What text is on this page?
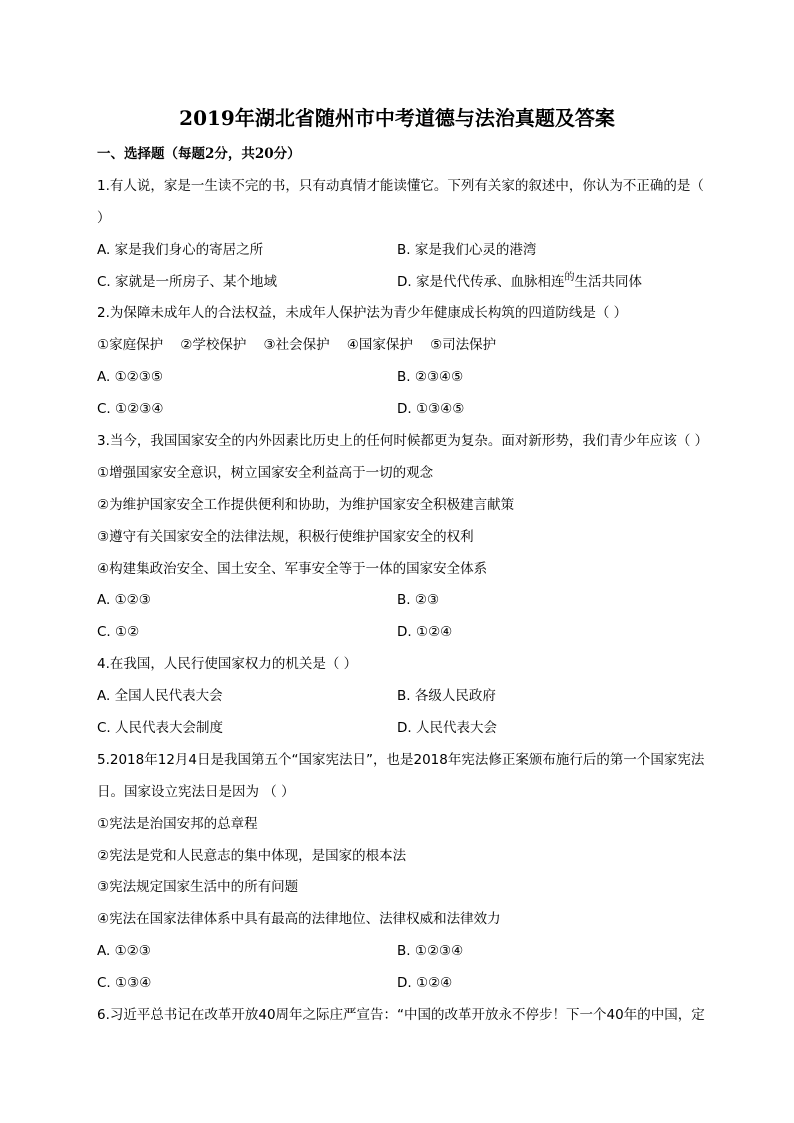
2019年湖北省随州市中考道德与法治真题及答案
一、选择题（每题2分，共20分）
1.有人说，家是一生读不完的书，只有动真情才能读懂它。下列有关家的叙述中，你认为不正确的是（
）
A. 家是我们身心的寄居之所	B. 家是我们心灵的港湾
C. 家就是一所房子、某个地域	D. 家是代代传承、血脉相连$^的$生活共同体
2.为保障未成年人的合法权益，未成年人保护法为青少年健康成长构筑的四道防线是（ ）
①家庭保护    ②学校保护    ③社会保护    ④国家保护    ⑤司法保护
A. ①②③⑤	B. ②③④⑤
C. ①②③④	D. ①③④⑤
3.当今，我国国家安全的内外因素比历史上的任何时候都更为复杂。面对新形势，我们青少年应该（ ）
①增强国家安全意识，树立国家安全利益高于一切的观念
②为维护国家安全工作提供便利和协助，为维护国家安全积极建言献策
③遵守有关国家安全的法律法规，积极行使维护国家安全的权利
④构建集政治安全、国土安全、军事安全等于一体的国家安全体系
A. ①②③	B. ②③
C. ①②	D. ①②④
4.在我国，人民行使国家权力的机关是（ ）
A. 全国人民代表大会	B. 各级人民政府
C. 人民代表大会制度	D. 人民代表大会
5.2018年12月4日是我国第五个“国家宪法日”，也是2018年宪法修正案颁布施行后的第一个国家宪法
日。国家设立宪法日是因为 （ ）
①宪法是治国安邦的总章程
②宪法是党和人民意志的集中体现，是国家的根本法
③宪法规定国家生活中的所有问题
④宪法在国家法律体系中具有最高的法律地位、法律权威和法律效力
A. ①②③	B. ①②③④
C. ①③④	D. ①②④
6.习近平总书记在改革开放40周年之际庄严宣告：“中国的改革开放永不停步！下一个40年的中国，定
